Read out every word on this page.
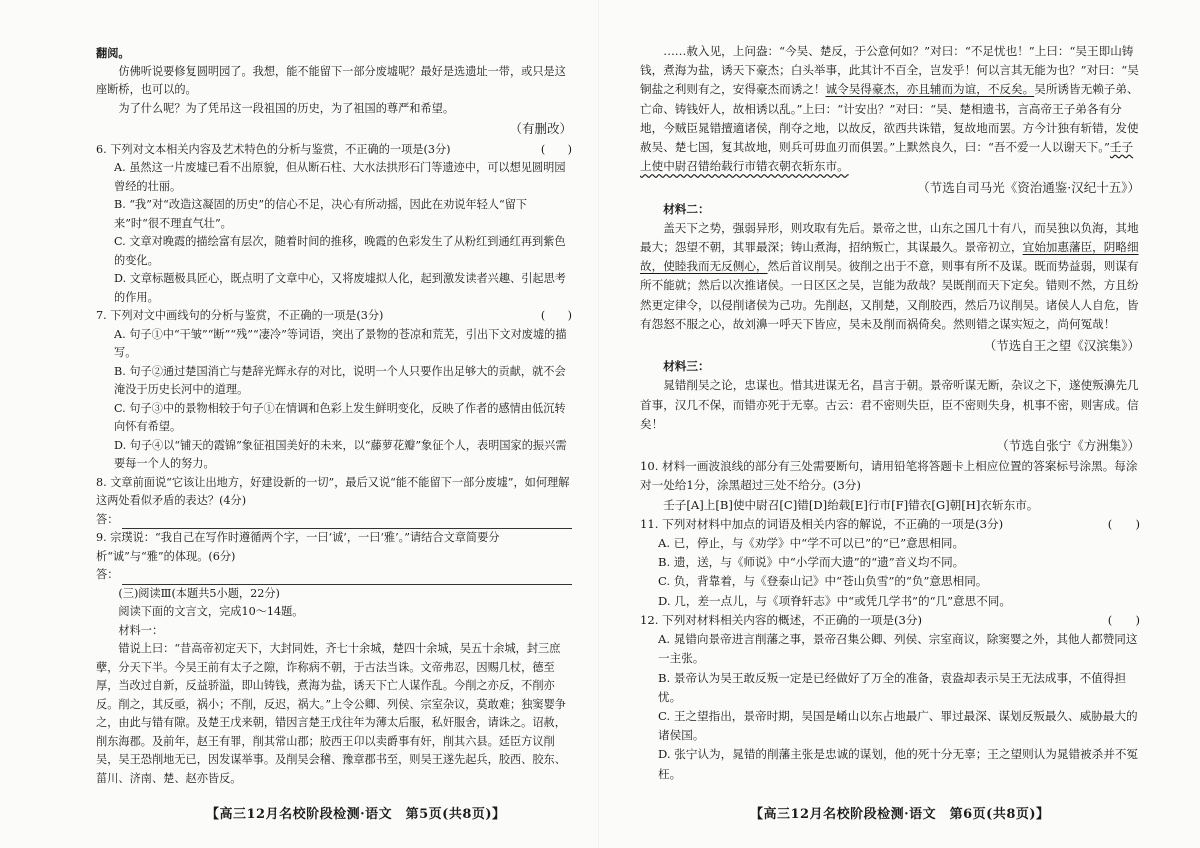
翻阅。

仿佛听说要修复圆明园了。我想，能不能留下一部分废墟呢？最好是选遗址一带，或只是这座断桥，也可以的。

为了什么呢？为了凭吊这一段祖国的历史，为了祖国的尊严和希望。

（有删改）

6. 下列对文本相关内容及艺术特色的分析与鉴赏，不正确的一项是(3分)	(　　)

A. 虽然这一片废墟已看不出原貌，但从断石柱、大水法拱形石门等遗迹中，可以想见圆明园曾经的壮丽。

B. “我”对“改造这凝固的历史”的信心不足，决心有所动摇，因此在劝说年轻人“留下来”时“很不理直气壮”。

C. 文章对晚霞的描绘富有层次，随着时间的推移，晚霞的色彩发生了从粉红到通红再到紫色的变化。

D. 文章标题极具匠心，既点明了文章中心，又将废墟拟人化，起到激发读者兴趣、引起思考的作用。

7. 下列对文中画线句的分析与鉴赏，不正确的一项是(3分)	(　　)

A. 句子①中“干皱”“断”“残”“凄冷”等词语，突出了景物的苍凉和荒芜，引出下文对废墟的描写。

B. 句子②通过楚国消亡与楚辞光辉永存的对比，说明一个人只要作出足够大的贡献，就不会淹没于历史长河中的道理。

C. 句子③中的景物相较于句子①在情调和色彩上发生鲜明变化，反映了作者的感情由低沉转向怀有希望。

D. 句子④以“铺天的霞锦”象征祖国美好的未来，以“藤萝花瓣”象征个人，表明国家的振兴需要每一个人的努力。

8. 文章前面说“它该让出地方，好建设新的一切”，最后又说“能不能留下一部分废墟”，如何理解这两处看似矛盾的表达？(4分)

答：

9. 宗璞说：“我自己在写作时遵循两个字，一曰‘诚’，一曰‘雅’。”请结合文章简要分析“诚”与“雅”的体现。(6分)

答：

(三)阅读Ⅲ(本题共5小题，22分)

阅读下面的文言文，完成10～14题。

材料一：

错说上曰：“昔高帝初定天下，大封同姓，齐七十余城，楚四十余城，吴五十余城，封三庶孽，分天下半。今吴王前有太子之隙，诈称病不朝，于古法当诛。文帝弗忍，因赐几杖，德至厚，当改过自新，反益骄溢，即山铸钱，煮海为盐，诱天下亡人谋作乱。今削之亦反，不削亦反。削之，其反亟，祸小；不削，反迟，祸大。”上令公卿、列侯、宗室杂议，莫敢难；独窦婴争之，由此与错有隙。及楚王戊来朝，错因言楚王戊往年为薄太后服，私奸服舍，请诛之。诏赦，削东海郡。及前年，赵王有罪，削其常山郡；胶西王卬以卖爵事有奸，削其六县。廷臣方议削吴，吴王恐削地无已，因发谋举事。及削吴会稽、豫章郡书至，则吴王遂先起兵，胶西、胶东、菑川、济南、楚、赵亦皆反。

【高三12月名校阶段检测·语文　第5页(共8页)】

……赦入见，上问盎：“今吴、楚反，于公意何如？”对曰：“不足忧也！”上曰：“吴王即山铸钱，煮海为盐，诱天下豪杰；白头举事，此其计不百全，岂发乎！何以言其无能为也？”对曰：“吴铜盐之利则有之，安得豪杰而诱之！诚令吴得豪杰，亦且辅而为谊，不反矣。吴所诱皆无赖子弟、亡命、铸钱奸人，故相诱以乱。”上曰：“计安出？”对曰：“吴、楚相遗书，言高帝王子弟各有分地，今贼臣晁错擅適诸侯，削夺之地，以故反，欲西共诛错，复故地而罢。方今计独有斩错，发使赦吴、楚七国，复其故地，则兵可毋血刃而俱罢。”上默然良久，曰：“吾不爱一人以谢天下。”壬子上使中尉召错绐载行市错衣朝衣斩东市。

（节选自司马光《资治通鉴·汉纪十五》）

材料二：

盖天下之势，强弱异形，则攻取有先后。景帝之世，山东之国几十有八，而吴独以负海，其地最大；怨望不朝，其罪最深；铸山煮海，招纳叛亡，其谋最久。景帝初立，宜始加惠藩臣，阴略细故，使睦我而无反侧心，然后首议削吴。彼削之出于不意，则事有所不及谋。既而势益弱，则谋有所不能就；然后以次推诸侯。一日区区之吴，岂能为敌哉？吴既削而天下定矣。错则不然，方且纷然更定律令，以侵削诸侯为己功。先削赵，又削楚，又削胶西，然后乃议削吴。诸侯人人自危，皆有怨怒不服之心，故刘濞一呼天下皆应，吴未及削而祸倚矣。然则错之谋实短之，尚何冤哉！

（节选自王之望《汉滨集》）

材料三：

晁错削吴之论，忠谋也。惜其进谋无名，昌言于朝。景帝听谋无断，杂议之下，遂使叛濞先几首事，汉几不保，而错亦死于无辜。古云：君不密则失臣，臣不密则失身，机事不密，则害成。信矣！

（节选自张宁《方洲集》）

10. 材料一画波浪线的部分有三处需要断句，请用铅笔将答题卡上相应位置的答案标号涂黑。每涂对一处给1分，涂黑超过三处不给分。(3分)

壬子[A]上[B]使中尉召[C]错[D]绐载[E]行市[F]错衣[G]朝[H]衣斩东市。

11. 下列对材料中加点的词语及相关内容的解说，不正确的一项是(3分)	(　　)

A. 已，停止，与《劝学》中“学不可以已”的“已”意思相同。

B. 遗，送，与《师说》中“小学而大遗”的“遗”音义均不同。

C. 负，背靠着，与《登泰山记》中“苍山负雪”的“负”意思相同。

D. 几，差一点儿，与《项脊轩志》中“或凭几学书”的“几”意思不同。

12. 下列对材料相关内容的概述，不正确的一项是(3分)	(　　)

A. 晁错向景帝进言削藩之事，景帝召集公卿、列侯、宗室商议，除窦婴之外，其他人都赞同这一主张。

B. 景帝认为吴王敢反叛一定是已经做好了万全的准备，袁盎却表示吴王无法成事，不值得担忧。

C. 王之望指出，景帝时期，吴国是崤山以东占地最广、罪过最深、谋划反叛最久、威胁最大的诸侯国。

D. 张宁认为，晁错的削藩主张是忠诚的谋划，他的死十分无辜；王之望则认为晁错被杀并不冤枉。

【高三12月名校阶段检测·语文　第6页(共8页)】
